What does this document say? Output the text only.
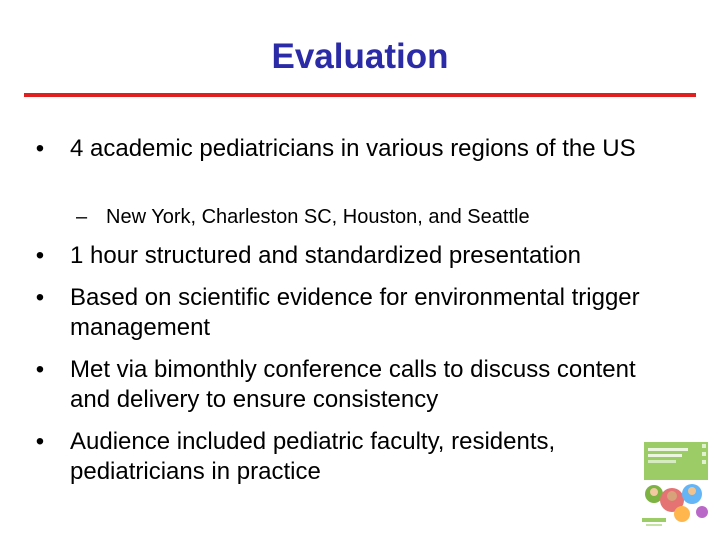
Evaluation

• 4 academic pediatricians in various regions of the US

– New York, Charleston SC, Houston, and Seattle

• 1 hour structured and standardized presentation

• Based on scientific evidence for environmental trigger management

• Met via bimonthly conference calls to discuss content and delivery to ensure consistency

• Audience included pediatric faculty, residents, pediatricians in practice
